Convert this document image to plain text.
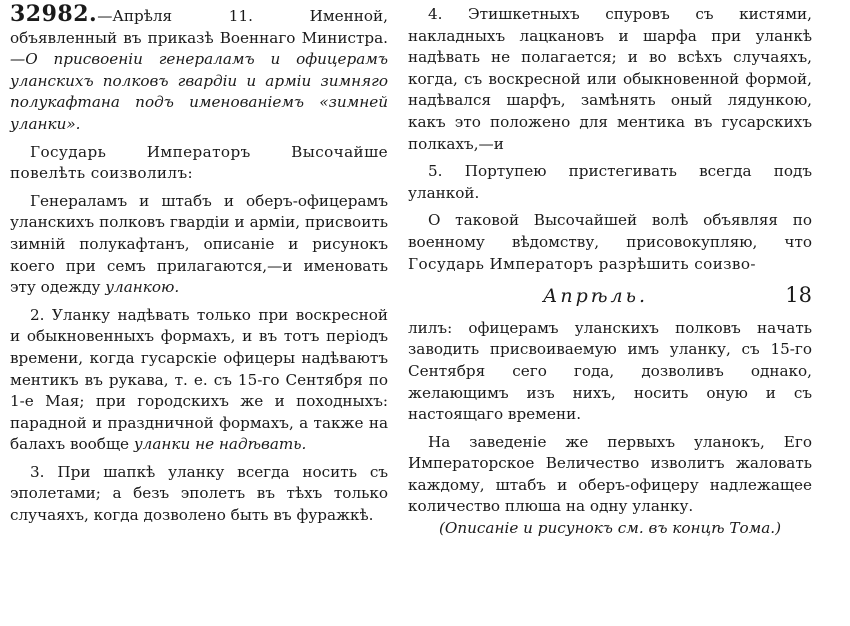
32982.—Апрѣля 11. Именной, объявленный въ приказѣ Военнаго Министра.—О присвоеніи генераламъ и офицерамъ уланскихъ полковъ гвардіи и арміи зимняго полукафтана подъ именованіемъ «зимней уланки».

Государь Императоръ Высочайше повелѣть соизволилъ:

Генераламъ и штабъ и оберъ-офицерамъ уланскихъ полковъ гвардіи и арміи, присвоить зимній полукафтанъ, описаніе и рисунокъ коего при семъ прилагаются,—и именовать эту одежду уланкою.

2. Уланку надѣвать только при воскресной и обыкновенныхъ формахъ, и въ тотъ періодъ времени, когда гусарскіе офицеры надѣваютъ ментикъ въ рукава, т. е. съ 15-го Сентября по 1-е Мая; при городскихъ же и походныхъ: парадной и праздничной формахъ, а также на балахъ вообще уланки не надѣвать.

3. При шапкѣ уланку всегда носить съ эполетами; а безъ эполетъ въ тѣхъ только случаяхъ, когда дозволено быть въ фуражкѣ.

4. Этишкетныхъ спуровъ съ кистями, накладныхъ лацкановъ и шарфа при уланкѣ надѣвать не полагается; и во всѣхъ случаяхъ, когда, съ воскресной или обыкновенной формой, надѣвался шарфъ, замѣнять оный лядункою, какъ это положено для ментика въ гусарскихъ полкахъ,—и

5. Портупею пристегивать всегда подъ уланкой.

О таковой Высочайшей волѣ объявляя по военному вѣдомству, присовокупляю, что Государь Императоръ разрѣшить соизво-

Апрѣль.	18

лилъ: офицерамъ уланскихъ полковъ начать заводить присвоиваемую имъ уланку, съ 15-го Сентября сего года, дозволивъ однако, желающимъ изъ нихъ, носить оную и съ настоящаго времени.

На заведеніе же первыхъ уланокъ, Его Императорское Величество изволитъ жаловать каждому, штабъ и оберъ-офицеру надлежащее количество плюша на одну уланку.

(Описаніе и рисунокъ см. въ концѣ Тома.)
